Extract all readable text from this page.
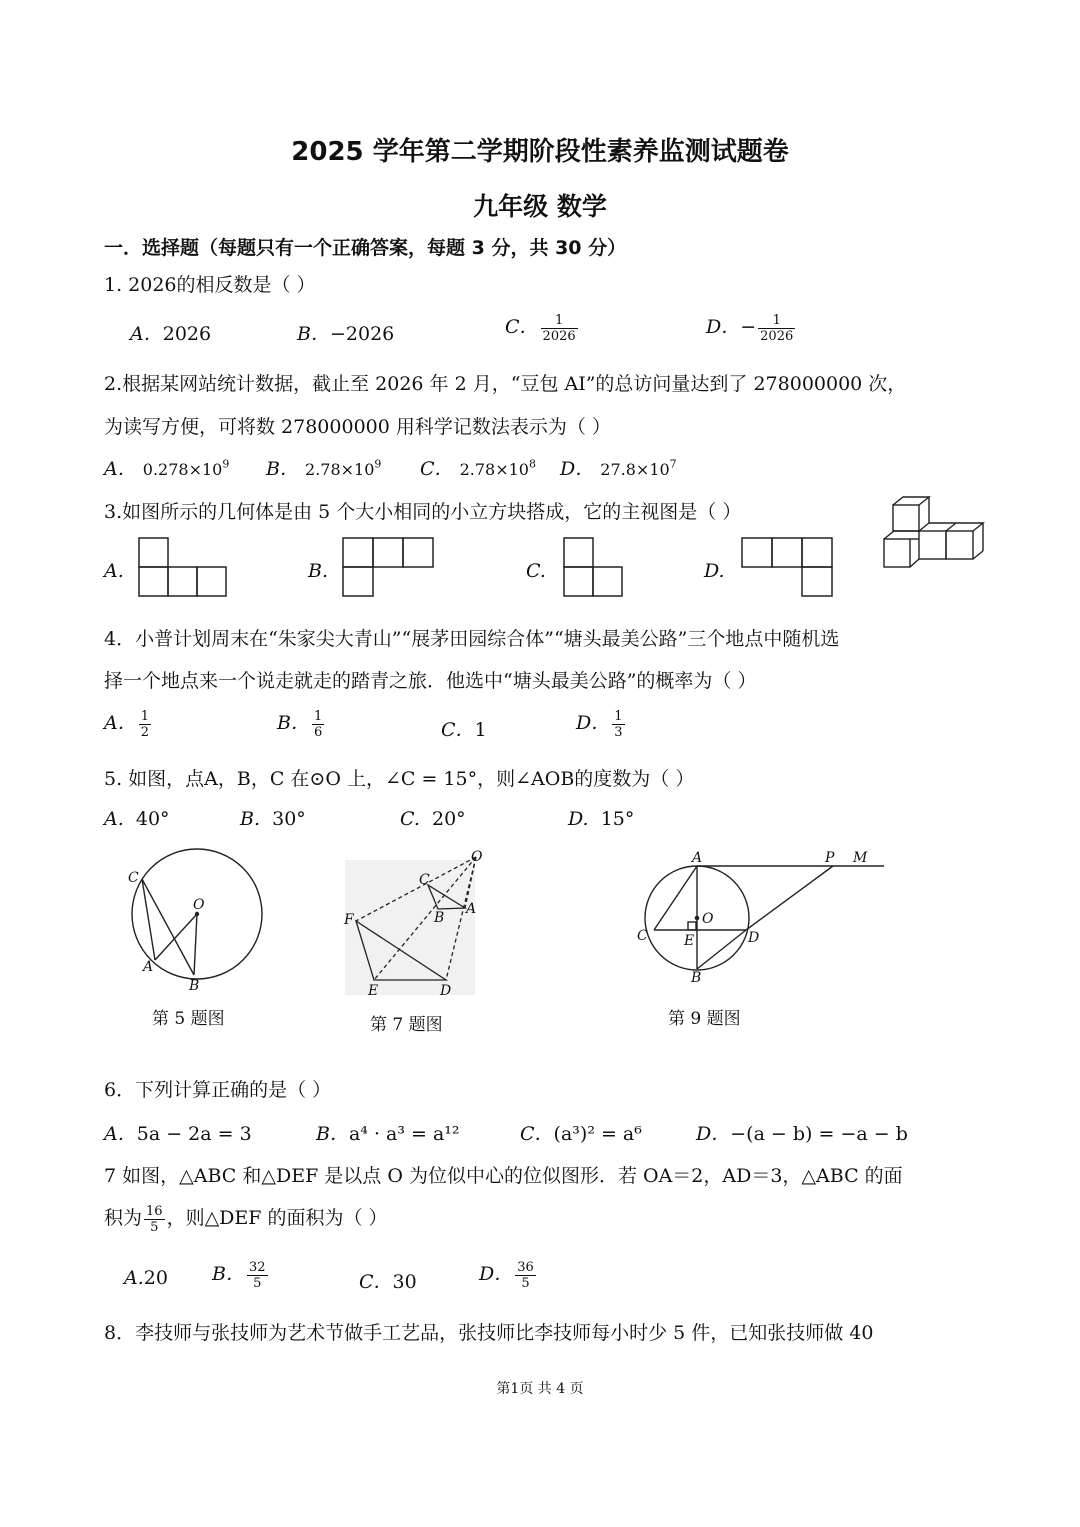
2025 学年第二学期阶段性素养监测试题卷
九年级 数学
一．选择题（每题只有一个正确答案，每题 3 分，共 30 分）
1. 2026的相反数是（ ）
A．2026	B．−2026	C． $\frac{1}{2026}$	D．− $\frac{1}{2026}$
2.根据某网站统计数据，截止至 2026 年 2 月，“豆包 AI”的总访问量达到了 278000000 次，
为读写方便，可将数 278000000 用科学记数法表示为（ ）
A． $0.278\times 10^9$ B． $2.78\times 10^9$ C． $2.78\times 10^8$ D． $27.8\times 10^7$
3.如图所示的几何体是由 5 个大小相同的小立方块搭成，它的主视图是（ ）
A.	B.	C.	D.
4．小普计划周末在“朱家尖大青山”“展茅田园综合体”“塘头最美公路”三个地点中随机选
择一个地点来一个说走就走的踏青之旅．他选中“塘头最美公路”的概率为（ ）
A． $\frac{1}{2}$	B． $\frac{1}{6}$	C．1	D． $\frac{1}{3}$
5. 如图，点A，B，C 在⊙O 上，∠C = 15°，则∠AOB的度数为（ ）
A. 40°	B. 30°	C. 20°	D. 15°
C
O
A
B
O
C
B
A
F
E	D
A	P M
O
C	E	D
B
第 5 题图	第 7 题图	第 9 题图
6．下列计算正确的是（ ）
A．5a − 2a = 3	B．a⁴ · a³ = a¹²	C．(a³)² = a⁶	D．−(a − b) = −a − b
7 如图，△ABC 和△DEF 是以点 O 为位似中心的位似图形．若 OA＝2，AD＝3，△ABC 的面
积为 $\frac{16}{5}$ ，则△DEF 的面积为（ ）
A.20 B． $\frac{32}{5}$	C．30	D． $\frac{36}{5}$
8．李技师与张技师为艺术节做手工艺品，张技师比李技师每小时少 5 件，已知张技师做 40
第1页 共 4 页
